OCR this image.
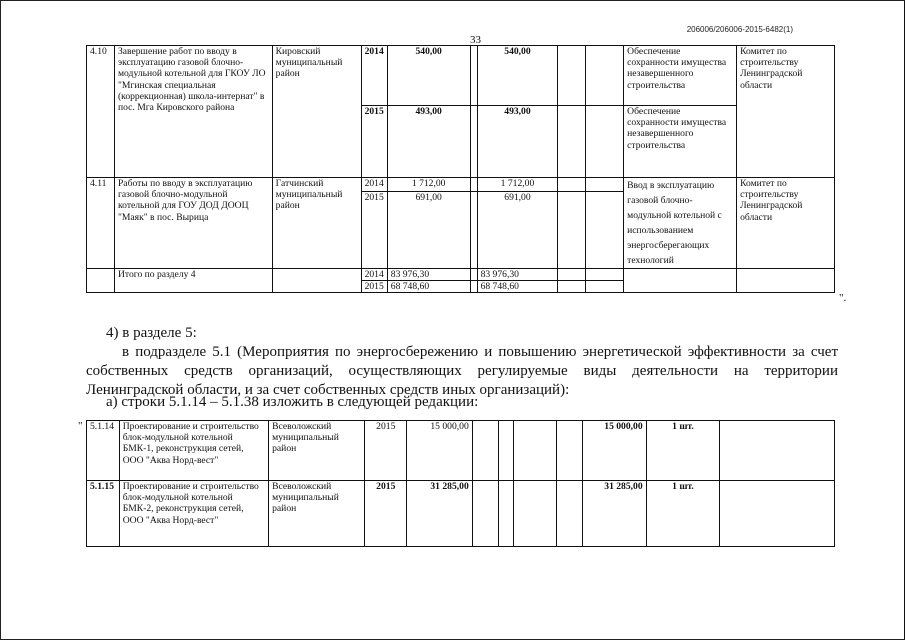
206006/206006-2015-6482(1)
33
4.10	Завершение работ по вводу в эксплуатацию газовой блочно-модульной котельной для ГКОУ ЛО "Мгинская специальная (коррекционная) школа-интернат" в пос. Мга Кировского района	Кировский муниципальный район	2014	540,00		540,00			Обеспечение сохранности имущества незавершенного строительства	Комитет по строительству Ленинградской области
			2015	493,00		493,00			Обеспечение сохранности имущества незавершенного строительства	
4.11	Работы по вводу в эксплуатацию газовой блочно-модульной котельной для ГОУ ДОД ДООЦ "Маяк" в пос. Вырица	Гатчинский муниципальный район	2014	1 712,00		1 712,00			Ввод в эксплуатацию газовой блочно-модульной котельной с использованием энергосберегающих технологий	Комитет по строительству Ленинградской области
			2015	691,00		691,00				
	Итого по разделу 4		2014	83 976,30		83 976,30				
			2015	68 748,60		68 748,60				
".
4) в разделе 5:
в подразделе 5.1 (Мероприятия по энергосбережению и повышению энергетической эффективности за счет собственных средств организаций, осуществляющих регулируемые виды деятельности на территории Ленинградской области, и за счет собственных средств иных организаций):
а) строки 5.1.14 – 5.1.38 изложить в следующей редакции:
" 5.1.14	Проектирование и строительство блок-модульной котельной БМК-1, реконструкция сетей, ООО "Аква Норд-вест"	Всеволожский муниципальный район	2015	15 000,00					15 000,00	1 шт.	
5.1.15	Проектирование и строительство блок-модульной котельной БМК-2, реконструкция сетей, ООО "Аква Норд-вест"	Всеволожский муниципальный район	2015	31 285,00					31 285,00	1 шт.	
